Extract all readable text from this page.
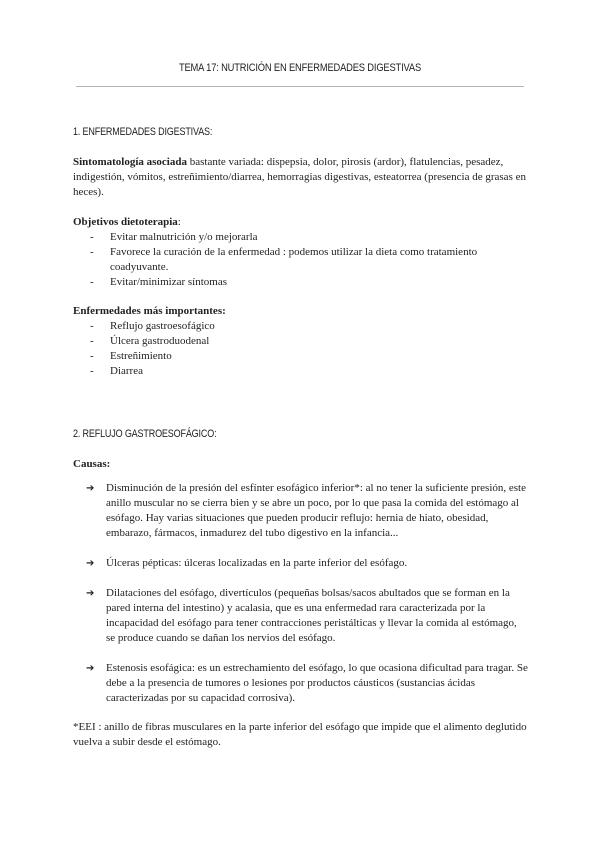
TEMA 17: NUTRICIÓN EN ENFERMEDADES DIGESTIVAS
1. ENFERMEDADES DIGESTIVAS:

Sintomatología asociada bastante variada: dispepsia, dolor, pirosis (ardor), flatulencias, pesadez, indigestión, vómitos, estreñimiento/diarrea, hemorragias digestivas, esteatorrea (presencia de grasas en heces).

Objetivos dietoterapia:

- Evitar malnutrición y/o mejorarla
- Favorece la curación de la enfermedad : podemos utilizar la dieta como tratamiento coadyuvante.
- Evitar/minimizar síntomas

Enfermedades más importantes:

- Reflujo gastroesofágico
- Úlcera gastroduodenal
- Estreñimiento
- Diarrea
2. REFLUJO GASTROESOFÁGICO:

Causas:

➔ Disminución de la presión del esfínter esofágico inferior*: al no tener la suficiente presión, este anillo muscular no se cierra bien y se abre un poco, por lo que pasa la comida del estómago al esófago. Hay varias situaciones que pueden producir reflujo: hernia de hiato, obesidad, embarazo, fármacos, inmadurez del tubo digestivo en la infancia...
➔ Úlceras pépticas: úlceras localizadas en la parte inferior del esófago.
➔ Dilataciones del esófago, divertículos (pequeñas bolsas/sacos abultados que se forman en la pared interna del intestino) y acalasia, que es una enfermedad rara caracterizada por la incapacidad del esófago para tener contracciones peristálticas y llevar la comida al estómago, se produce cuando se dañan los nervios del esófago.
➔ Estenosis esofágica: es un estrechamiento del esófago, lo que ocasiona dificultad para tragar. Se debe a la presencia de tumores o lesiones por productos cáusticos (sustancias ácidas caracterizadas por su capacidad corrosiva).

*EEI : anillo de fibras musculares en la parte inferior del esófago que impide que el alimento deglutido vuelva a subir desde el estómago.
